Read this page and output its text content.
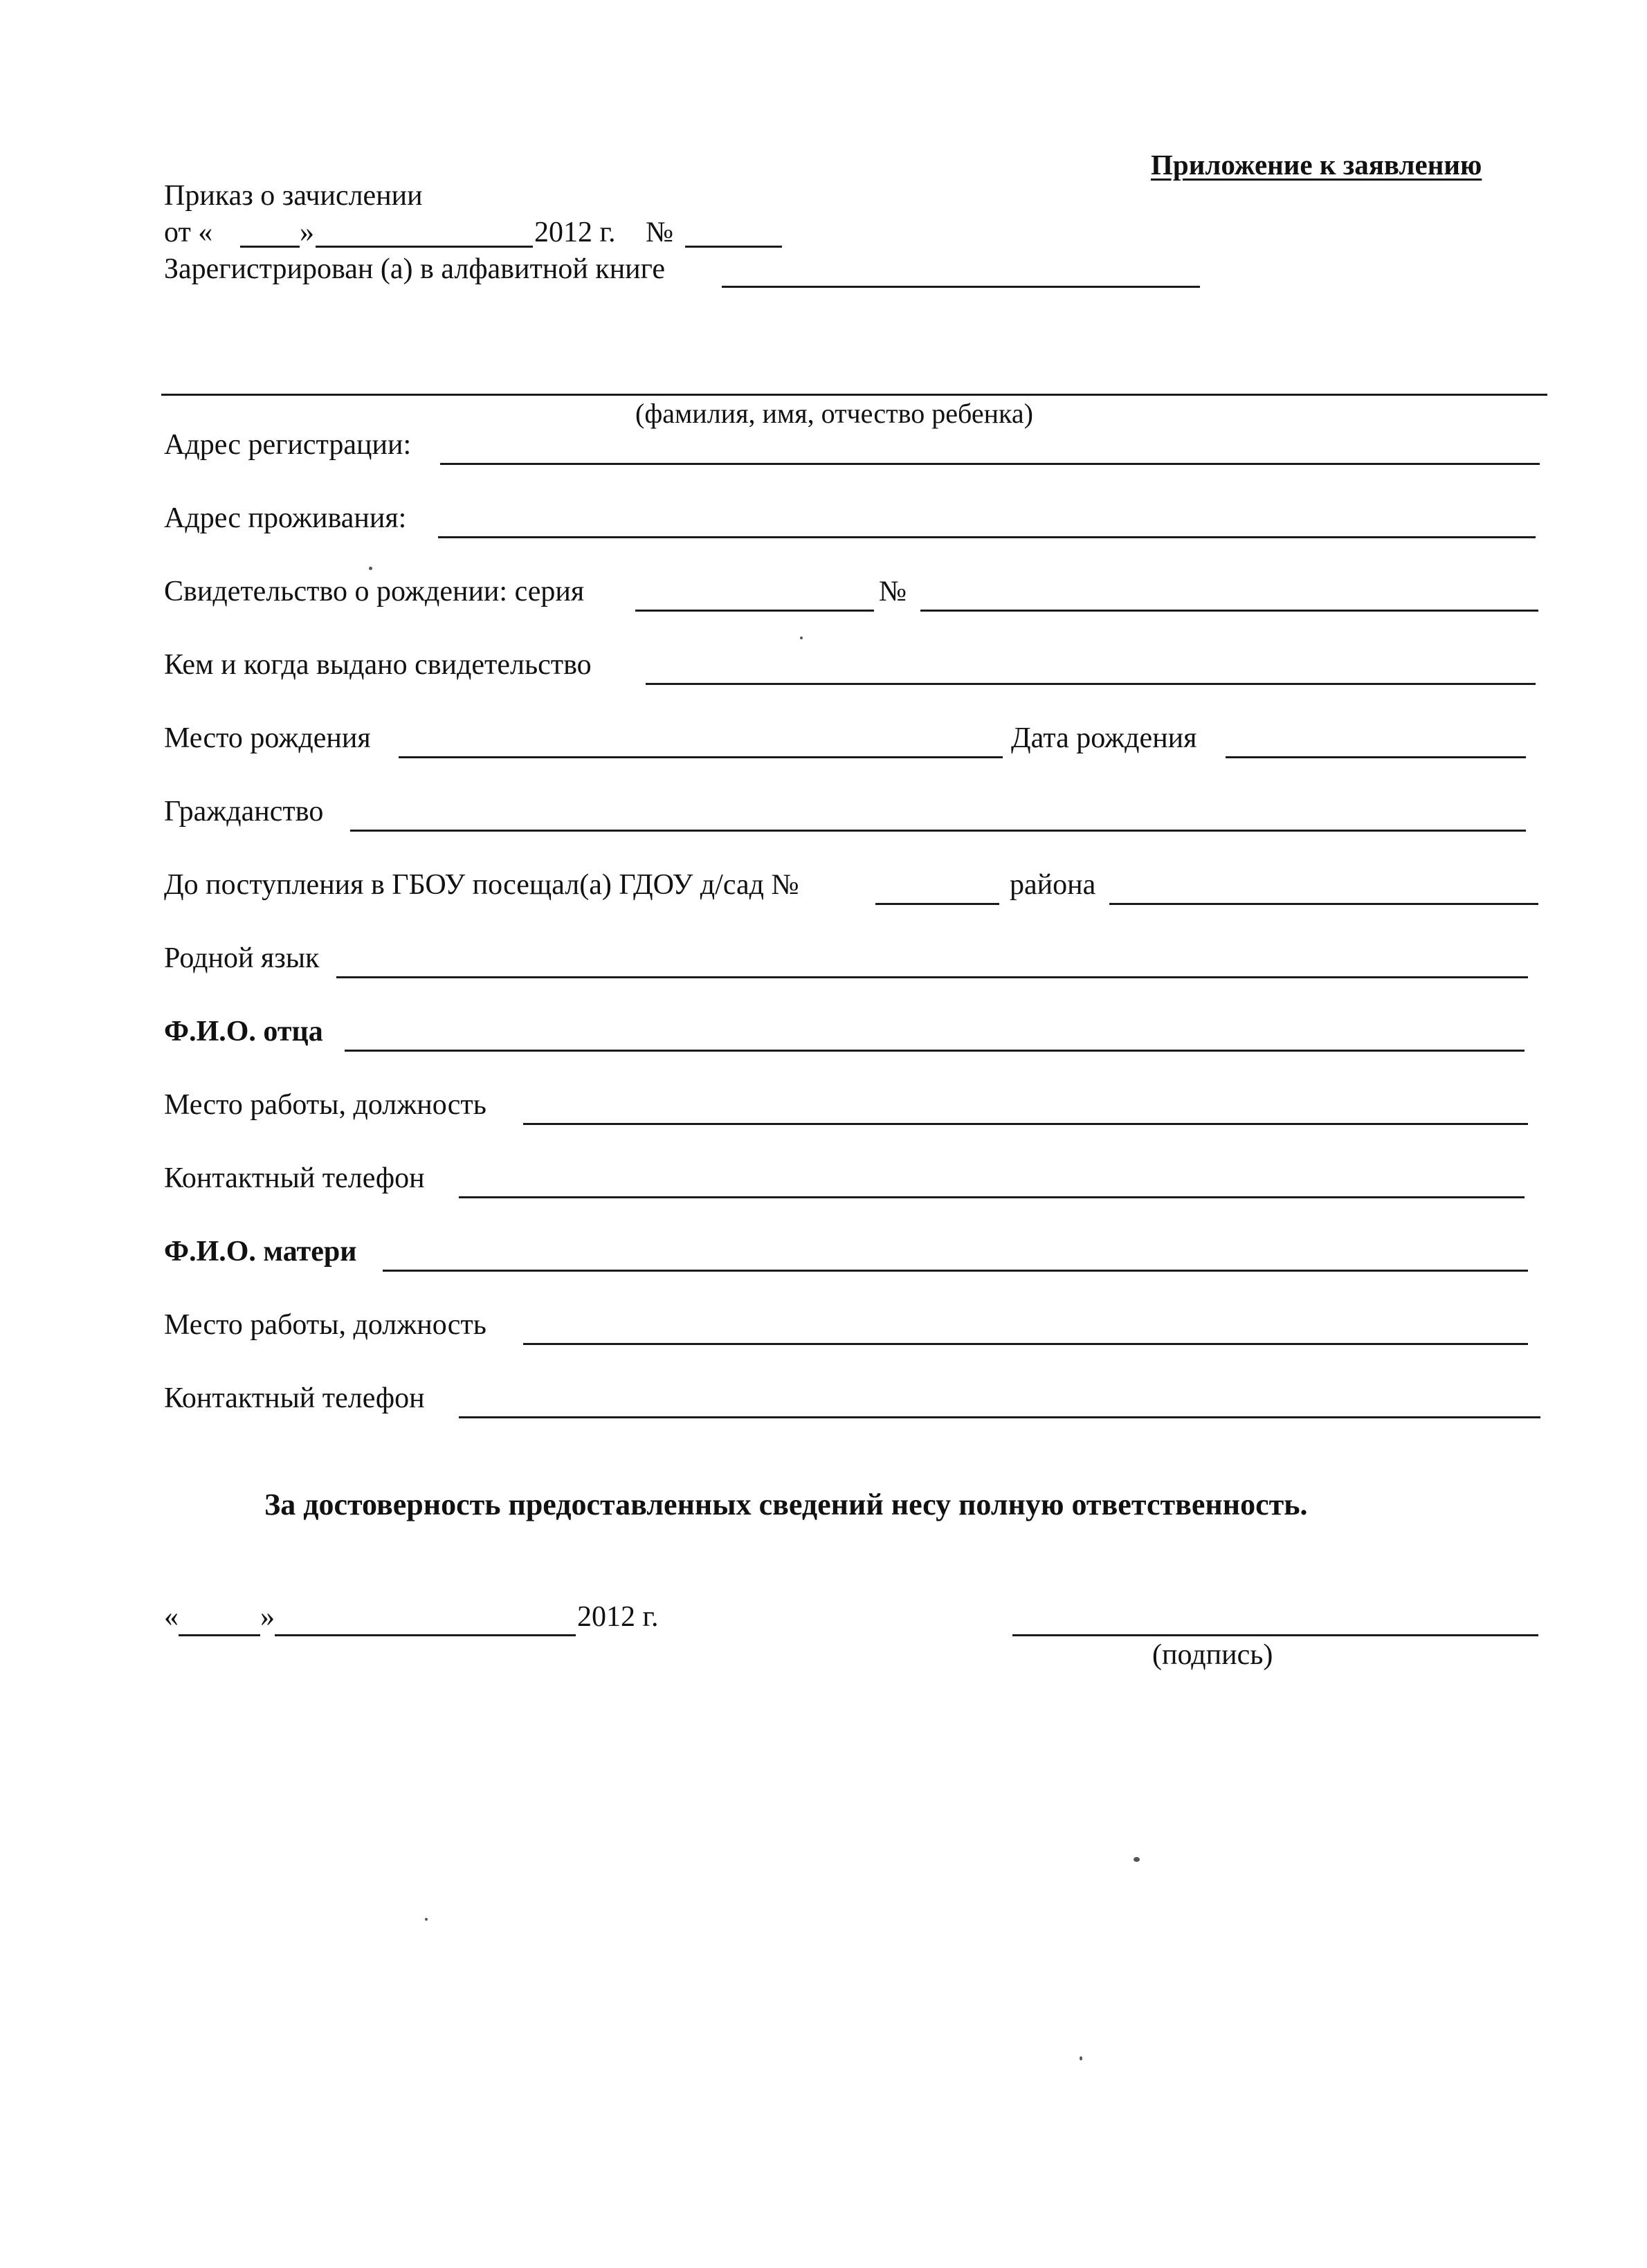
Приложение к заявлению
Приказ о зачислении
от «	»	2012 г. №
Зарегистрирован (а) в алфавитной книге
(фамилия, имя, отчество ребенка)
Адрес регистрации:
Адрес проживания:
Свидетельство о рождении: серия	№
Кем и когда выдано свидетельство
Место рождения	Дата рождения
Гражданство
До поступления в ГБОУ посещал(а) ГДОУ д/сад №	района
Родной язык
Ф.И.О. отца
Место работы, должность
Контактный телефон
Ф.И.О. матери
Место работы, должность
Контактный телефон
За достоверность предоставленных сведений несу полную ответственность.
«	»	2012 г.
(подпись)
